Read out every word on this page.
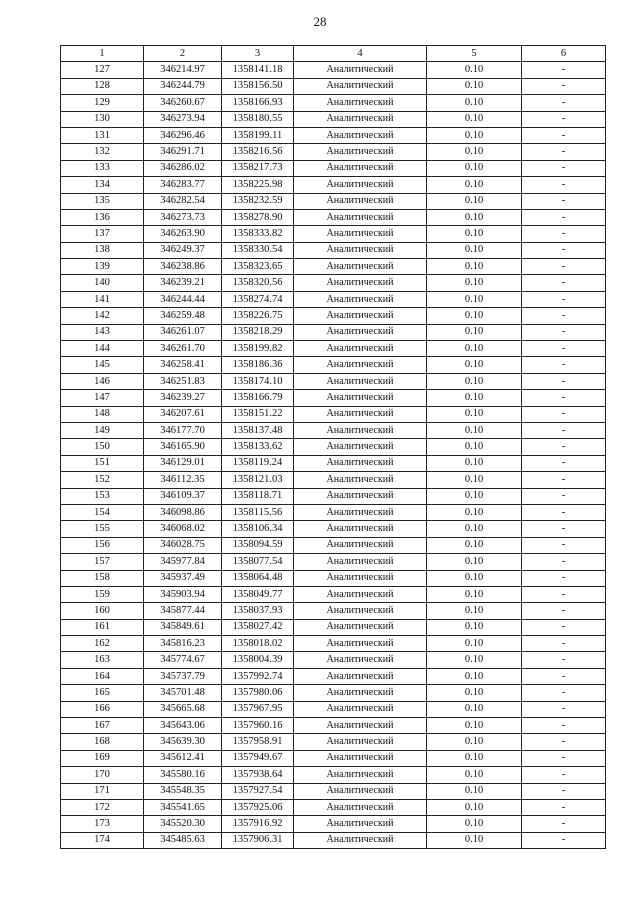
28
1	2	3	4	5	6
127	346214.97	1358141.18	Аналитический	0.10	-
128	346244.79	1358156.50	Аналитический	0.10	-
129	346260.67	1358166.93	Аналитический	0.10	-
130	346273.94	1358180.55	Аналитический	0.10	-
131	346296.46	1358199.11	Аналитический	0.10	-
132	346291.71	1358216.56	Аналитический	0.10	-
133	346286.02	1358217.73	Аналитический	0.10	-
134	346283.77	1358225.98	Аналитический	0.10	-
135	346282.54	1358232.59	Аналитический	0.10	-
136	346273.73	1358278.90	Аналитический	0.10	-
137	346263.90	1358333.82	Аналитический	0.10	-
138	346249.37	1358330.54	Аналитический	0.10	-
139	346238.86	1358323.65	Аналитический	0.10	-
140	346239.21	1358320.56	Аналитический	0.10	-
141	346244.44	1358274.74	Аналитический	0.10	-
142	346259.48	1358226.75	Аналитический	0.10	-
143	346261.07	1358218.29	Аналитический	0.10	-
144	346261.70	1358199.82	Аналитический	0.10	-
145	346258.41	1358186.36	Аналитический	0.10	-
146	346251.83	1358174.10	Аналитический	0.10	-
147	346239.27	1358166.79	Аналитический	0.10	-
148	346207.61	1358151.22	Аналитический	0.10	-
149	346177.70	1358137.48	Аналитический	0.10	-
150	346165.90	1358133.62	Аналитический	0.10	-
151	346129.01	1358119.24	Аналитический	0.10	-
152	346112.35	1358121.03	Аналитический	0.10	-
153	346109.37	1358118.71	Аналитический	0.10	-
154	346098.86	1358115.56	Аналитический	0.10	-
155	346068.02	1358106.34	Аналитический	0.10	-
156	346028.75	1358094.59	Аналитический	0.10	-
157	345977.84	1358077.54	Аналитический	0.10	-
158	345937.49	1358064.48	Аналитический	0.10	-
159	345903.94	1358049.77	Аналитический	0.10	-
160	345877.44	1358037.93	Аналитический	0.10	-
161	345849.61	1358027.42	Аналитический	0.10	-
162	345816.23	1358018.02	Аналитический	0.10	-
163	345774.67	1358004.39	Аналитический	0.10	-
164	345737.79	1357992.74	Аналитический	0.10	-
165	345701.48	1357980.06	Аналитический	0.10	-
166	345665.68	1357967.95	Аналитический	0.10	-
167	345643.06	1357960.16	Аналитический	0.10	-
168	345639.30	1357958.91	Аналитический	0.10	-
169	345612.41	1357949.67	Аналитический	0.10	-
170	345580.16	1357938.64	Аналитический	0.10	-
171	345548.35	1357927.54	Аналитический	0.10	-
172	345541.65	1357925.06	Аналитический	0.10	-
173	345520.30	1357916.92	Аналитический	0.10	-
174	345485.63	1357906.31	Аналитический	0.10	-
